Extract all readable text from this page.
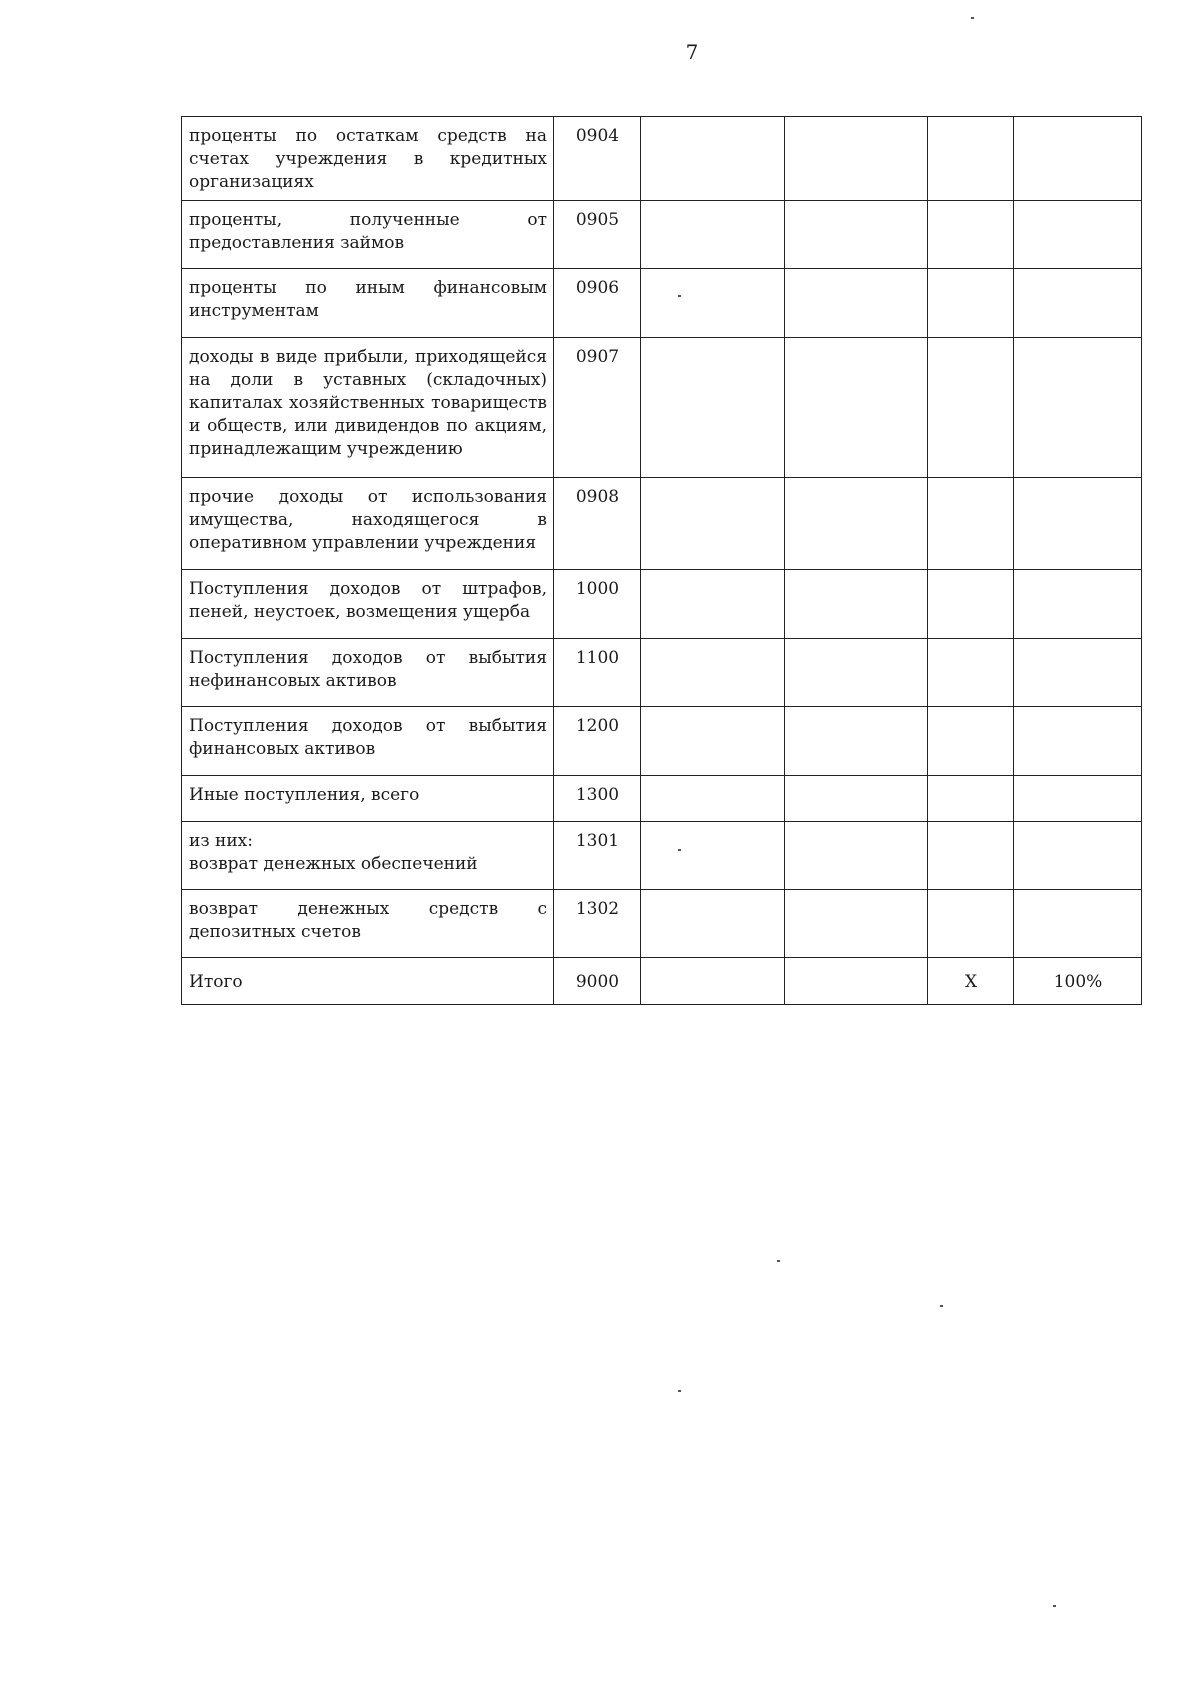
7
проценты по остаткам средств на счетах учреждения в кредитных организациях	0904				
проценты, полученные от предоставления займов	0905				
проценты по иным финансовым инструментам	0906				
доходы в виде прибыли, приходящейся на доли в уставных (складочных) капиталах хозяйственных товариществ и обществ, или дивидендов по акциям, принадлежащим учреждению	0907				
прочие доходы от использования имущества, находящегося в оперативном управлении учреждения	0908				
Поступления доходов от штрафов, пеней, неустоек, возмещения ущерба	1000				
Поступления доходов от выбытия нефинансовых активов	1100				
Поступления доходов от выбытия финансовых активов	1200				
Иные поступления, всего	1300				
из них:
возврат денежных обеспечений	1301				
возврат денежных средств с депозитных счетов	1302				
Итого	9000			X	100%
